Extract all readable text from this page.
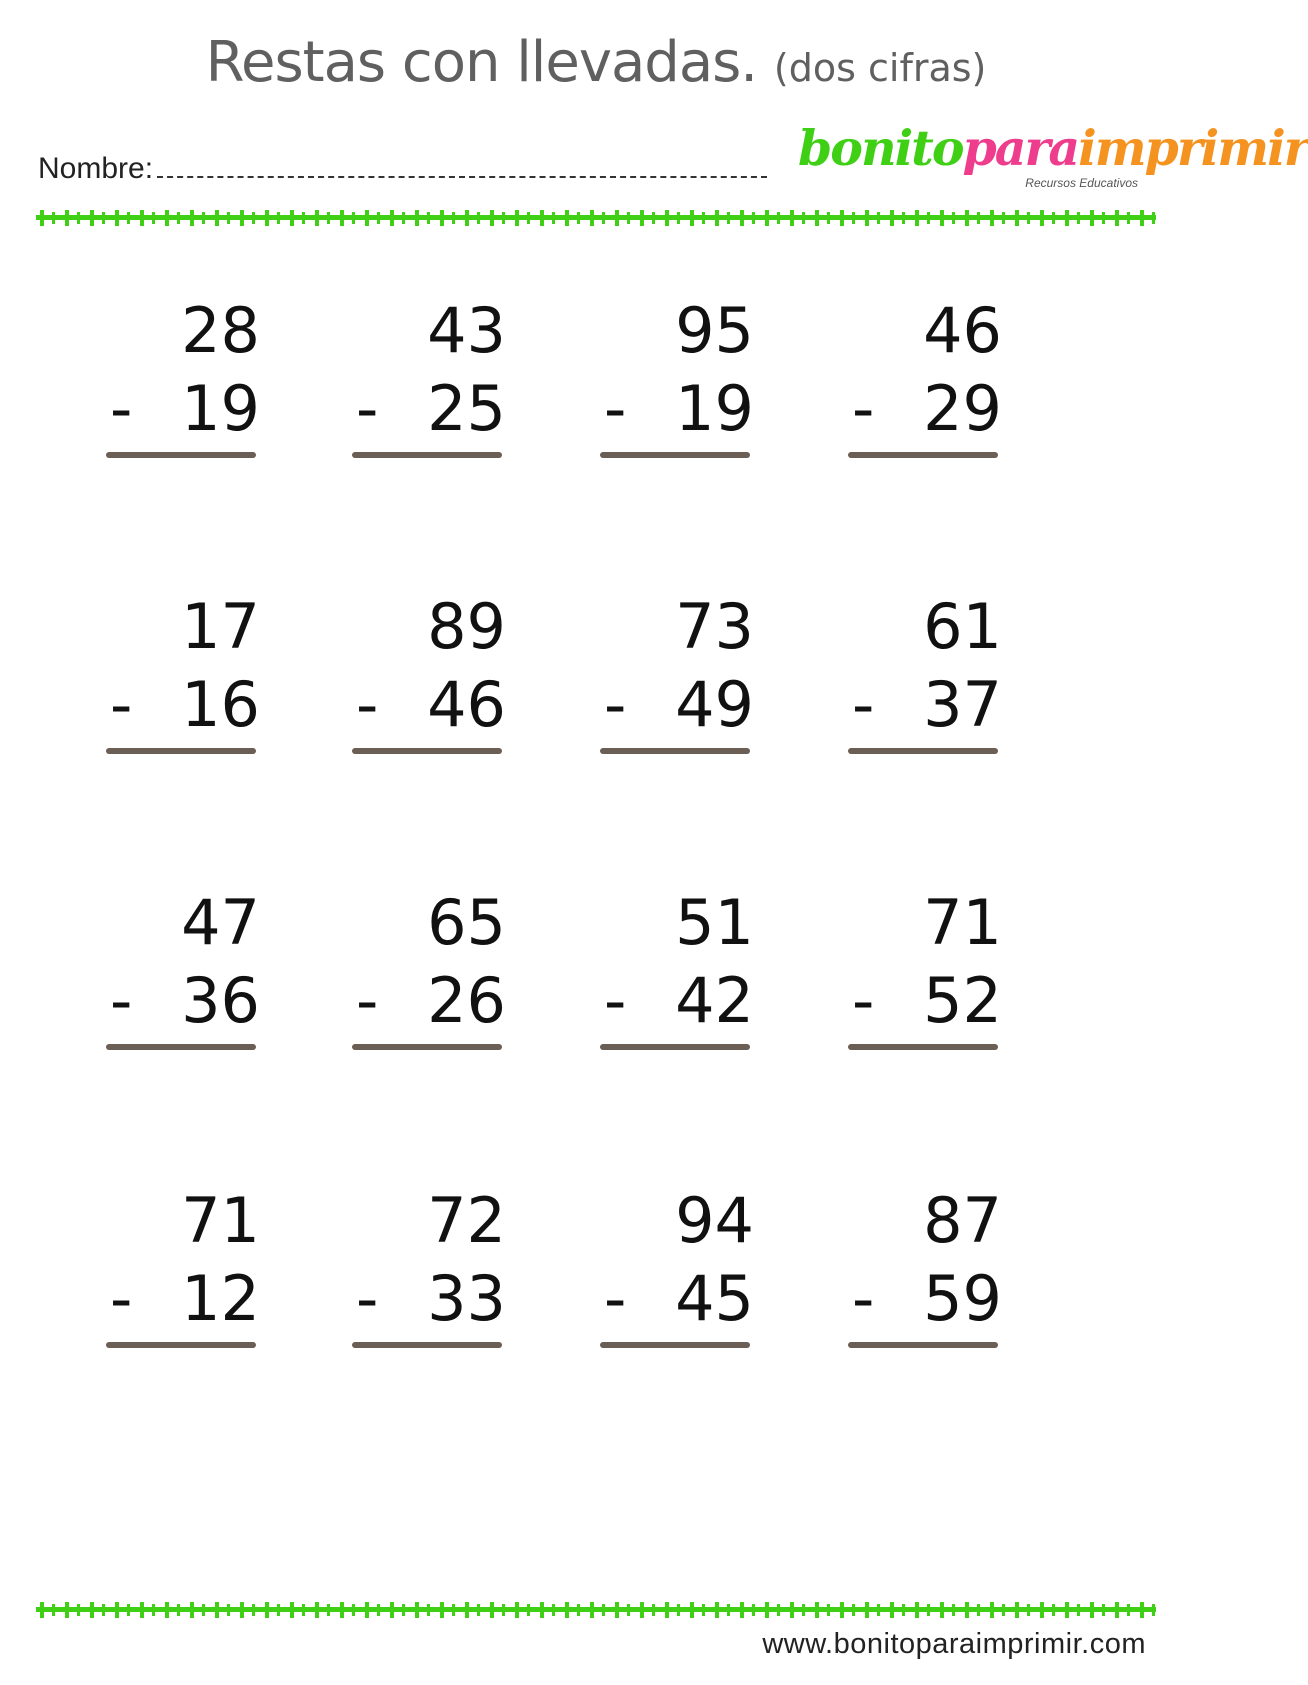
Restas con llevadas. (dos cifras)
Nombre:	bonitoparaimprimir
Recursos Educativos
28
- 19
43
- 25
95
- 19
46
- 29
17
- 16
89
- 46
73
- 49
61
- 37
47
- 36
65
- 26
51
- 42
71
- 52
71
- 12
72
- 33
94
- 45
87
- 59
www.bonitoparaimprimir.com
